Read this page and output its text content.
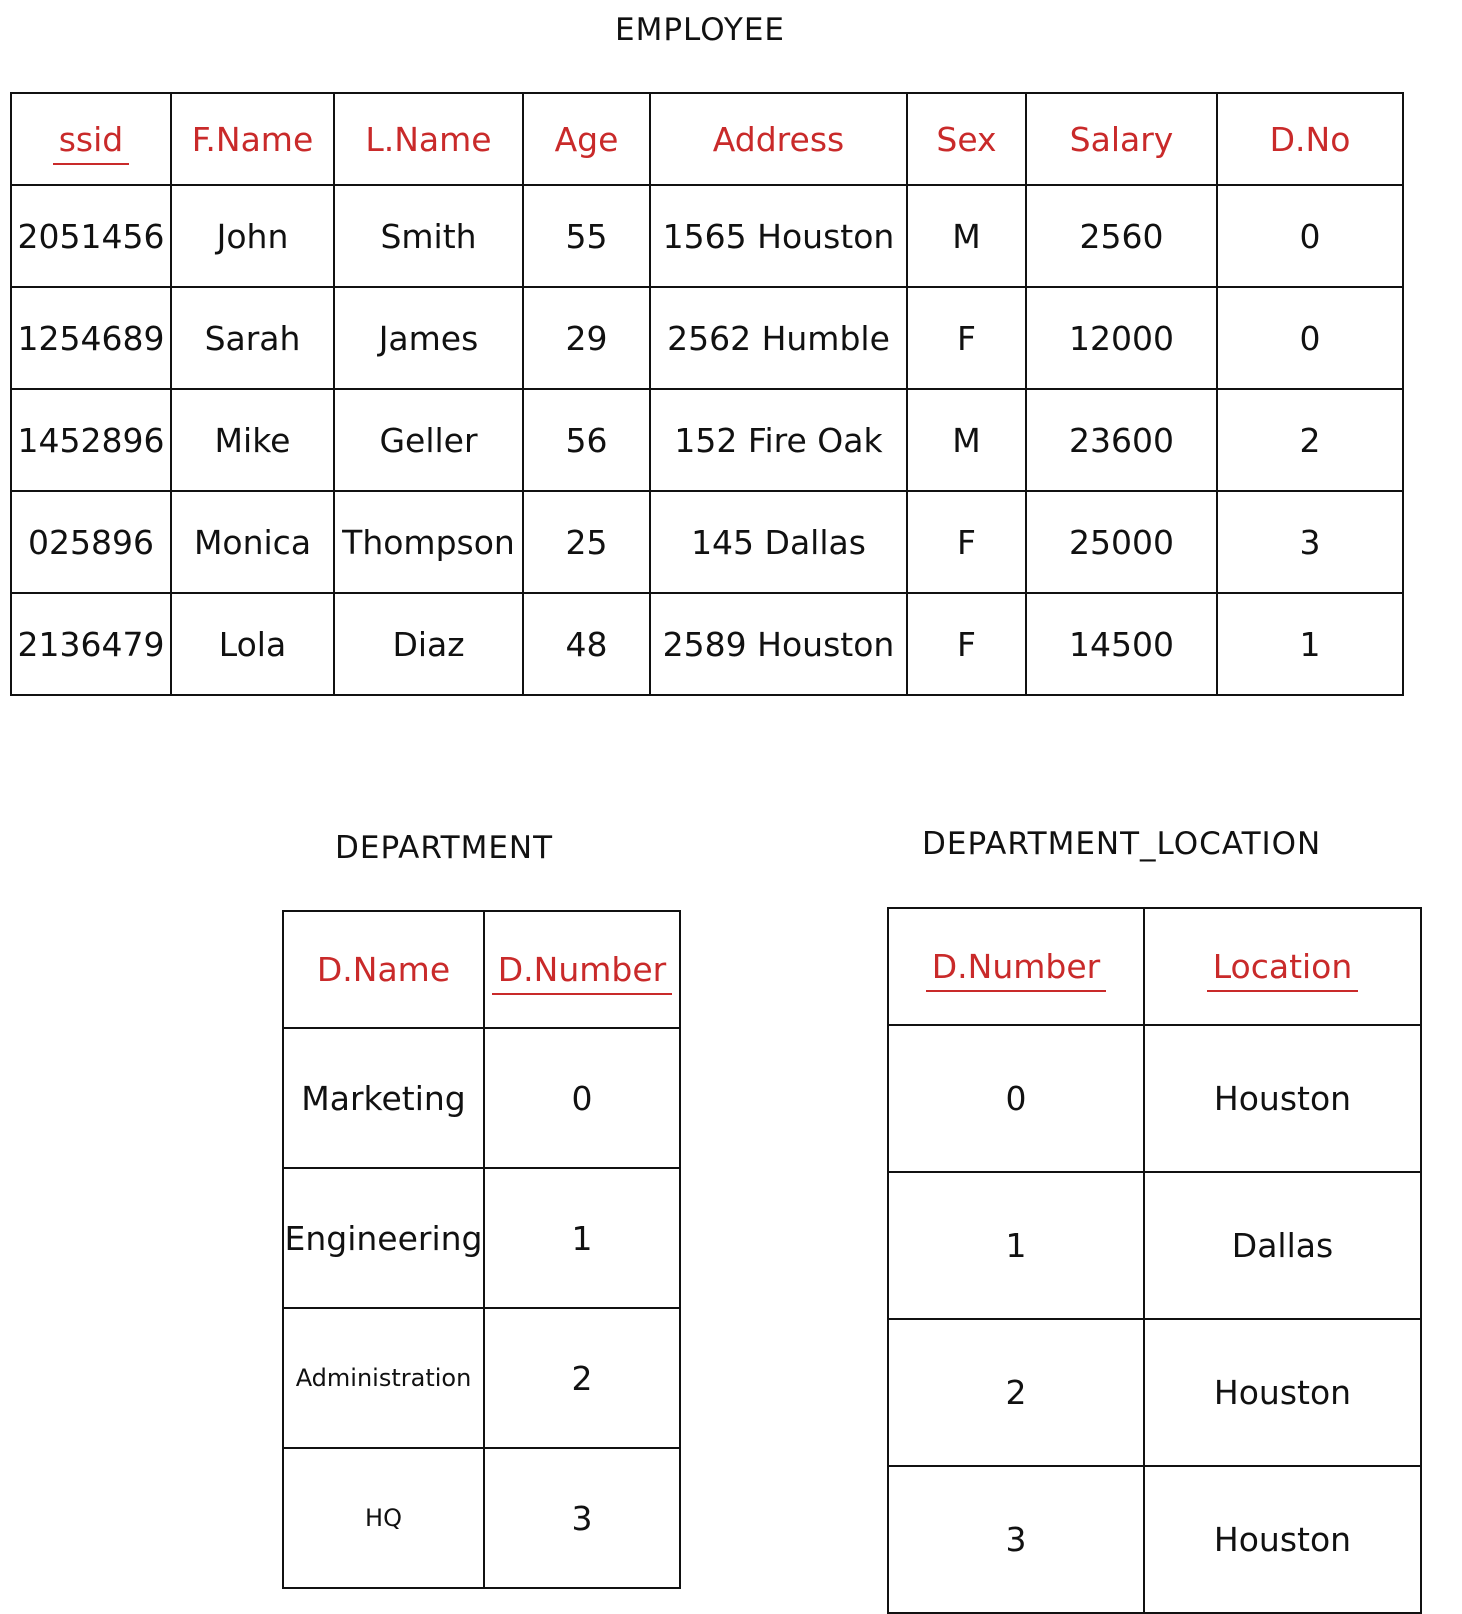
EMPLOYEE
ssid	F.Name	L.Name	Age	Address	Sex	Salary	D.No
2051456	John	Smith	55	1565 Houston	M	2560	0
1254689	Sarah	James	29	2562 Humble	F	12000	0
1452896	Mike	Geller	56	152 Fire Oak	M	23600	2
025896	Monica	Thompson	25	145 Dallas	F	25000	3
2136479	Lola	Diaz	48	2589 Houston	F	14500	1
DEPARTMENT
D.Name	D.Number
Marketing	0
Engineering	1
Administration	2
HQ	3
DEPARTMENT_LOCATION
D.Number	Location
0	Houston
1	Dallas
2	Houston
3	Houston
